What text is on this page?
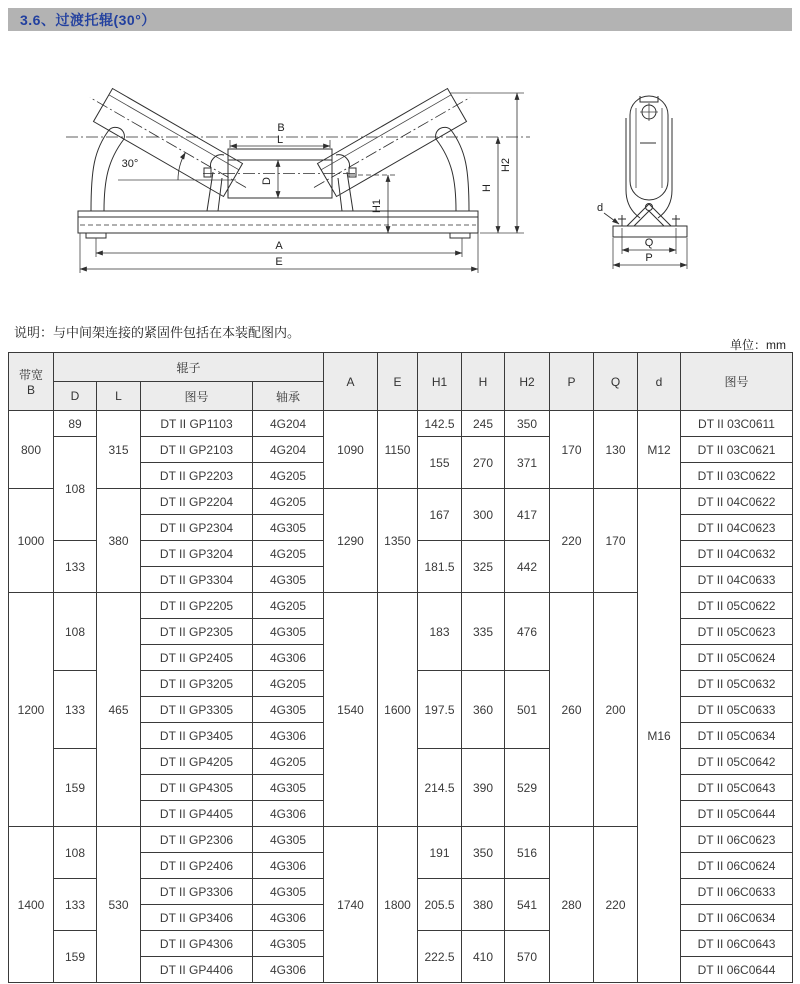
3.6、过渡托辊(30°）
B
30°
L
D
H1
H
H2
A
E
d
Q
P
说明：与中间架连接的紧固件包括在本装配图内。
单位：mm
带宽
B	辊子				A	E	H1	H	H2	P	Q	d	图号
	D	L	图号	轴承									
800	89	315	DT II GP1103	4G204	1090	1150	142.5	245	350	170	130	M12	DT II 03C0611
	108		DT II GP2103	4G204			155	270	371				DT II 03C0621
			DT II GP2203	4G205									DT II 03C0622
1000		380	DT II GP2204	4G205	1290	1350	167	300	417	220	170	M16	DT II 04C0622
			DT II GP2304	4G305									DT II 04C0623
	133		DT II GP3204	4G205			181.5	325	442				DT II 04C0632
			DT II GP3304	4G305									DT II 04C0633
1200	108	465	DT II GP2205	4G205	1540	1600	183	335	476	260	200		DT II 05C0622
			DT II GP2305	4G305									DT II 05C0623
			DT II GP2405	4G306									DT II 05C0624
	133		DT II GP3205	4G205			197.5	360	501				DT II 05C0632
			DT II GP3305	4G305									DT II 05C0633
			DT II GP3405	4G306									DT II 05C0634
	159		DT II GP4205	4G205			214.5	390	529				DT II 05C0642
			DT II GP4305	4G305									DT II 05C0643
			DT II GP4405	4G306									DT II 05C0644
1400	108	530	DT II GP2306	4G305	1740	1800	191	350	516	280	220		DT II 06C0623
			DT II GP2406	4G306									DT II 06C0624
	133		DT II GP3306	4G305			205.5	380	541				DT II 06C0633
			DT II GP3406	4G306									DT II 06C0634
	159		DT II GP4306	4G305			222.5	410	570				DT II 06C0643
			DT II GP4406	4G306									DT II 06C0644
